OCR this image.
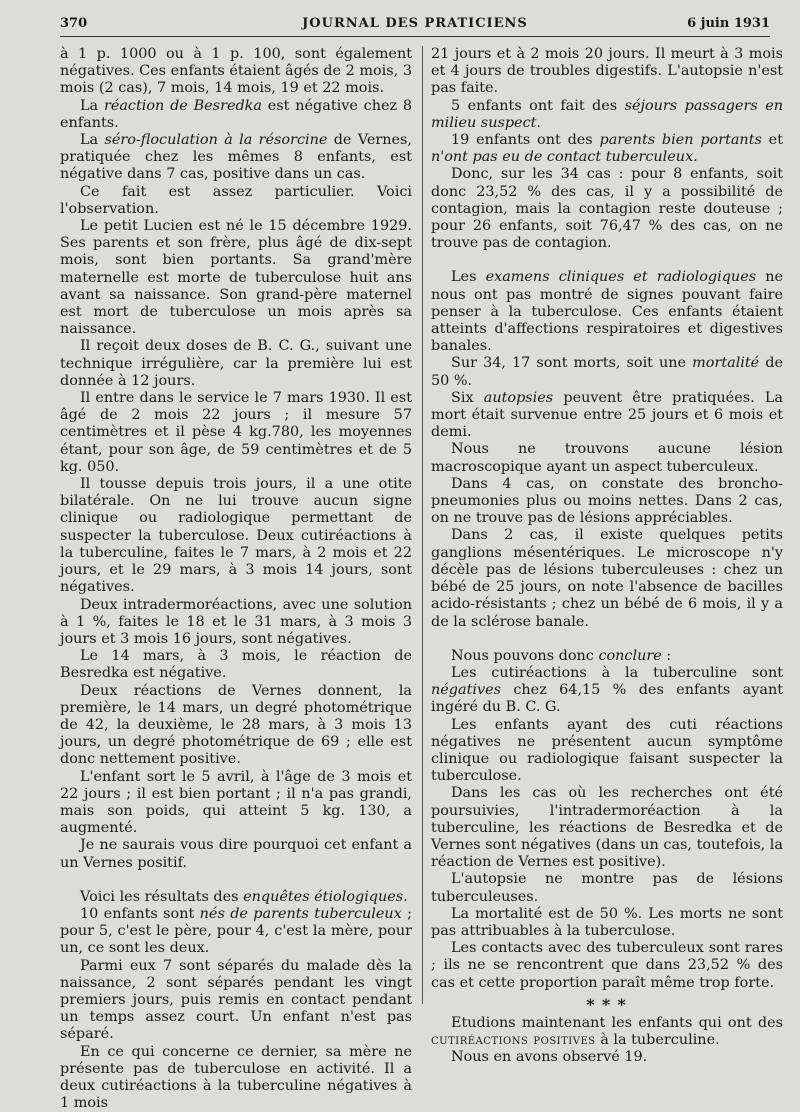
370	JOURNAL DES PRATICIENS	6 juin 1931

à 1 p. 1000 ou à 1 p. 100, sont également négatives. Ces enfants étaient âgés de 2 mois, 3 mois (2 cas), 7 mois, 14 mois, 19 et 22 mois.

La réaction de Besredka est négative chez 8 enfants.

La séro-floculation à la résorcine de Vernes, pratiquée chez les mêmes 8 enfants, est négative dans 7 cas, positive dans un cas.

Ce fait est assez particulier. Voici l'observation.

Le petit Lucien est né le 15 décembre 1929. Ses parents et son frère, plus âgé de dix-sept mois, sont bien portants. Sa grand'mère maternelle est morte de tuberculose huit ans avant sa naissance. Son grand-père maternel est mort de tuberculose un mois après sa naissance.

Il reçoit deux doses de B. C. G., suivant une technique irrégulière, car la première lui est donnée à 12 jours.

Il entre dans le service le 7 mars 1930. Il est âgé de 2 mois 22 jours ; il mesure 57 centimètres et il pèse 4 kg.780, les moyennes étant, pour son âge, de 59 centimètres et de 5 kg. 050.

Il tousse depuis trois jours, il a une otite bilatérale. On ne lui trouve aucun signe clinique ou radiologique permettant de suspecter la tuberculose. Deux cutiréactions à la tuberculine, faites le 7 mars, à 2 mois et 22 jours, et le 29 mars, à 3 mois 14 jours, sont négatives.

Deux intradermoréactions, avec une solution à 1 %, faites le 18 et le 31 mars, à 3 mois 3 jours et 3 mois 16 jours, sont négatives.

Le 14 mars, à 3 mois, le réaction de Besredka est négative.

Deux réactions de Vernes donnent, la première, le 14 mars, un degré photométrique de 42, la deuxième, le 28 mars, à 3 mois 13 jours, un degré photométrique de 69 ; elle est donc nettement positive.

L'enfant sort le 5 avril, à l'âge de 3 mois et 22 jours ; il est bien portant ; il n'a pas grandi, mais son poids, qui atteint 5 kg. 130, a augmenté.

Je ne saurais vous dire pourquoi cet enfant a un Vernes positif.

Voici les résultats des enquêtes étiologiques.

10 enfants sont nés de parents tuberculeux ; pour 5, c'est le père, pour 4, c'est la mère, pour un, ce sont les deux.

Parmi eux 7 sont séparés du malade dès la naissance, 2 sont séparés pendant les vingt premiers jours, puis remis en contact pendant un temps assez court. Un enfant n'est pas séparé.

En ce qui concerne ce dernier, sa mère ne présente pas de tuberculose en activité. Il a deux cutiréactions à la tuberculine négatives à 1 mois

21 jours et à 2 mois 20 jours. Il meurt à 3 mois et 4 jours de troubles digestifs. L'autopsie n'est pas faite.

5 enfants ont fait des séjours passagers en milieu suspect.

19 enfants ont des parents bien portants et n'ont pas eu de contact tuberculeux.

Donc, sur les 34 cas : pour 8 enfants, soit donc 23,52 % des cas, il y a possibilité de contagion, mais la contagion reste douteuse ; pour 26 enfants, soit 76,47 % des cas, on ne trouve pas de contagion.

Les examens cliniques et radiologiques ne nous ont pas montré de signes pouvant faire penser à la tuberculose. Ces enfants étaient atteints d'affections respiratoires et digestives banales.

Sur 34, 17 sont morts, soit une mortalité de 50 %.

Six autopsies peuvent être pratiquées. La mort était survenue entre 25 jours et 6 mois et demi.

Nous ne trouvons aucune lésion macroscopique ayant un aspect tuberculeux.

Dans 4 cas, on constate des broncho-pneumonies plus ou moins nettes. Dans 2 cas, on ne trouve pas de lésions appréciables.

Dans 2 cas, il existe quelques petits ganglions mésentériques. Le microscope n'y décèle pas de lésions tuberculeuses : chez un bébé de 25 jours, on note l'absence de bacilles acido-résistants ; chez un bébé de 6 mois, il y a de la sclérose banale.

Nous pouvons donc conclure :

Les cutiréactions à la tuberculine sont négatives chez 64,15 % des enfants ayant ingéré du B. C. G.

Les enfants ayant des cuti réactions négatives ne présentent aucun symptôme clinique ou radiologique faisant suspecter la tuberculose.

Dans les cas où les recherches ont été poursuivies, l'intradermoréaction à la tuberculine, les réactions de Besredka et de Vernes sont négatives (dans un cas, toutefois, la réaction de Vernes est positive).

L'autopsie ne montre pas de lésions tuberculeuses.

La mortalité est de 50 %. Les morts ne sont pas attribuables à la tuberculose.

Les contacts avec des tuberculeux sont rares ; ils ne se rencontrent que dans 23,52 % des cas et cette proportion paraît même trop forte.

* * *

Etudions maintenant les enfants qui ont des cutiréactions positives à la tuberculine.

Nous en avons observé 19.
